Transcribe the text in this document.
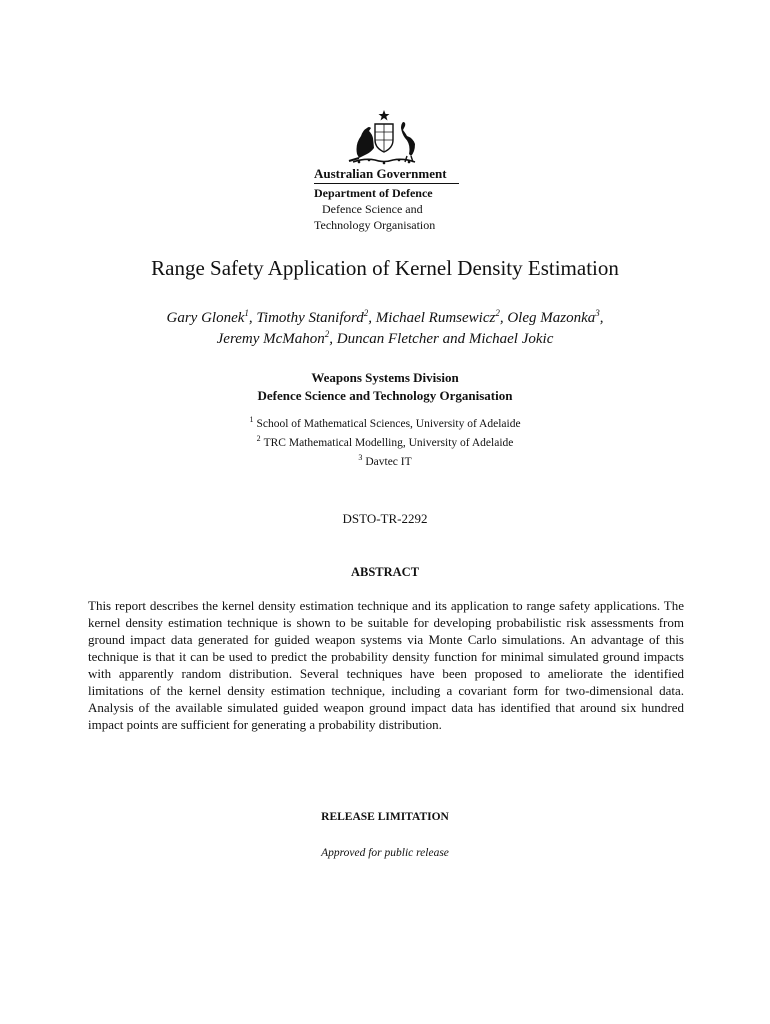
Australian Government

Department of Defence

Defence Science and

Technology Organisation

Range Safety Application of Kernel Density Estimation
Gary Glonek$^1$, Timothy Staniford$^2$, Michael Rumsewicz$^2$, Oleg Mazonka$^3$,
Jeremy McMahon$^2$, Duncan Fletcher and Michael Jokic
Weapons Systems Division
Defence Science and Technology Organisation
$^1$ School of Mathematical Sciences, University of Adelaide
$^2$ TRC Mathematical Modelling, University of Adelaide
$^3$ Davtec IT
DSTO-TR-2292
ABSTRACT

This report describes the kernel density estimation technique and its application to range safety applications. The kernel density estimation technique is shown to be suitable for developing probabilistic risk assessments from ground impact data generated for guided weapon systems via Monte Carlo simulations. An advantage of this technique is that it can be used to predict the probability density function for minimal simulated ground impacts with apparently random distribution. Several techniques have been proposed to ameliorate the identified limitations of the kernel density estimation technique, including a covariant form for two-dimensional data. Analysis of the available simulated guided weapon ground impact data has identified that around six hundred impact points are sufficient for generating a probability distribution.

RELEASE LIMITATION
Approved for public release
